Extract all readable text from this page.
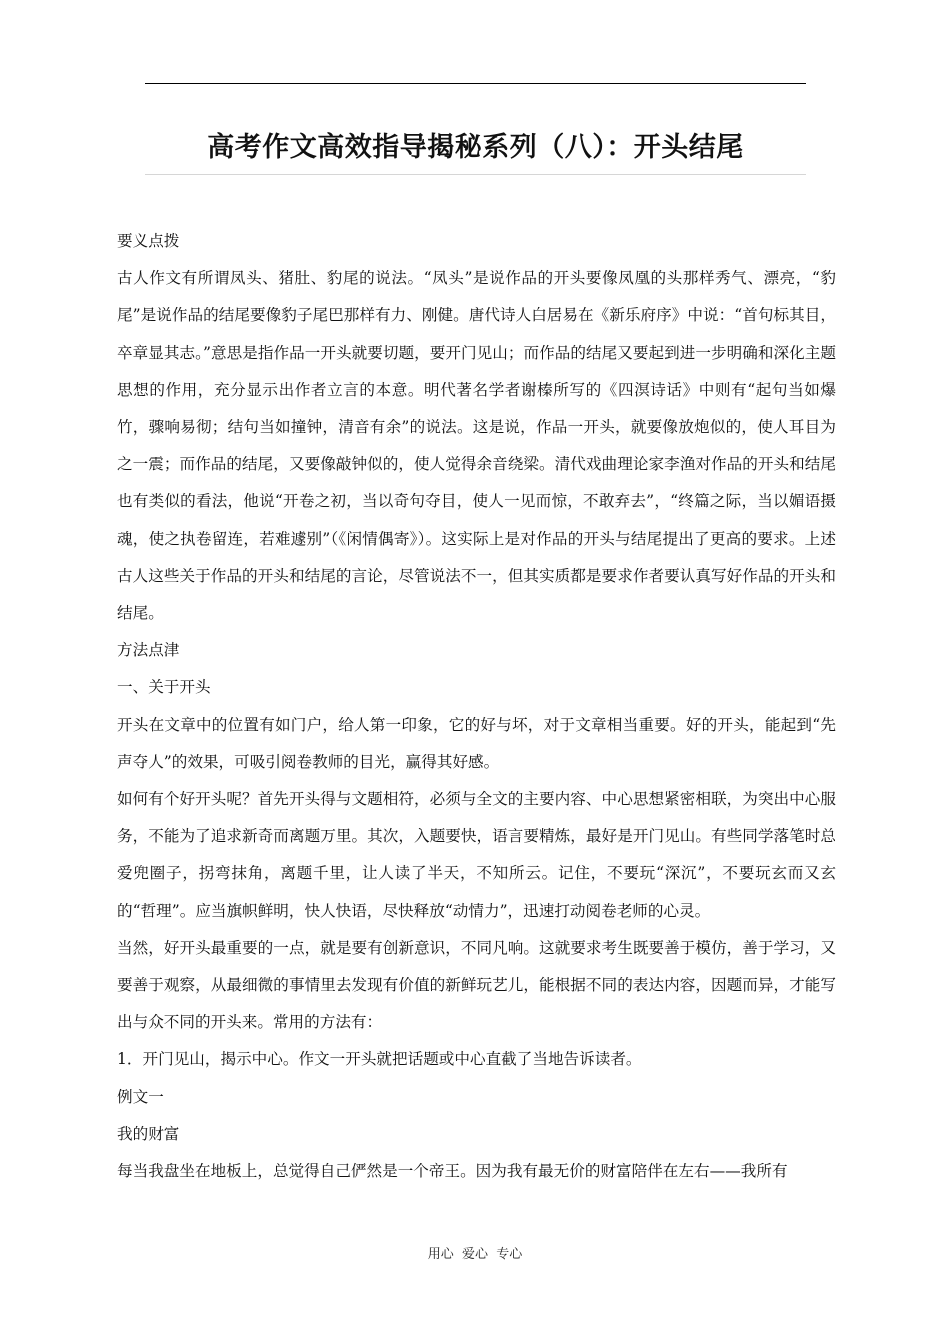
高考作文高效指导揭秘系列（八）：开头结尾

要义点拨

古人作文有所谓凤头、猪肚、豹尾的说法。“凤头”是说作品的开头要像凤凰的头那样秀气、漂亮，“豹尾”是说作品的结尾要像豹子尾巴那样有力、刚健。唐代诗人白居易在《新乐府序》中说：“首句标其目，卒章显其志。”意思是指作品一开头就要切题，要开门见山；而作品的结尾又要起到进一步明确和深化主题思想的作用，充分显示出作者立言的本意。明代著名学者谢榛所写的《四溟诗话》中则有“起句当如爆竹，骤响易彻；结句当如撞钟，清音有余”的说法。这是说，作品一开头，就要像放炮似的，使人耳目为之一震；而作品的结尾，又要像敲钟似的，使人觉得余音绕梁。清代戏曲理论家李渔对作品的开头和结尾也有类似的看法，他说“开卷之初，当以奇句夺目，使人一见而惊，不敢弃去”，“终篇之际，当以媚语摄魂，使之执卷留连，若难遽别”（《闲情偶寄》）。这实际上是对作品的开头与结尾提出了更高的要求。上述古人这些关于作品的开头和结尾的言论，尽管说法不一，但其实质都是要求作者要认真写好作品的开头和结尾。

方法点津

一、关于开头

开头在文章中的位置有如门户，给人第一印象，它的好与坏，对于文章相当重要。好的开头，能起到“先声夺人”的效果，可吸引阅卷教师的目光，赢得其好感。

如何有个好开头呢？首先开头得与文题相符，必须与全文的主要内容、中心思想紧密相联，为突出中心服务，不能为了追求新奇而离题万里。其次，入题要快，语言要精炼，最好是开门见山。有些同学落笔时总爱兜圈子，拐弯抹角，离题千里，让人读了半天，不知所云。记住，不要玩“深沉”，不要玩玄而又玄的“哲理”。应当旗帜鲜明，快人快语，尽快释放“动情力”，迅速打动阅卷老师的心灵。

当然，好开头最重要的一点，就是要有创新意识，不同凡响。这就要求考生既要善于模仿，善于学习，又要善于观察，从最细微的事情里去发现有价值的新鲜玩艺儿，能根据不同的表达内容，因题而异，才能写出与众不同的开头来。常用的方法有：

1．开门见山，揭示中心。作文一开头就把话题或中心直截了当地告诉读者。

例文一

我的财富

每当我盘坐在地板上，总觉得自己俨然是一个帝王。因为我有最无价的财富陪伴在左右——我所有

用心  爱心  专心
